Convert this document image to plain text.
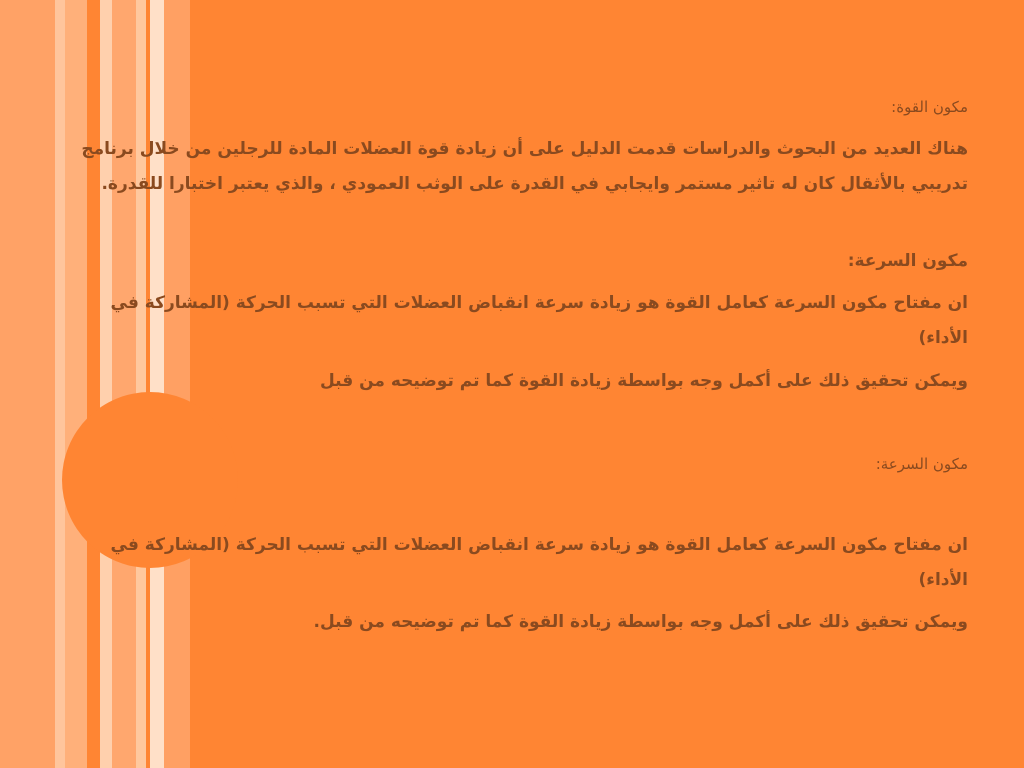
مكون القوة:
هناك العديد من البحوث والدراسات قدمت الدليل على أن زيادة قوة العضلات المادة للرجلين من خلال برنامج تدريبي بالأثقال كان له تاثير مستمر وايجابي في القدرة على الوثب العمودي ، والذي يعتبر اختبارا للقدرة.
مكون السرعة:
ان مفتاح مكون السرعة كعامل القوة هو زيادة سرعة انقباض العضلات التي تسبب الحركة (المشاركة في الأداء)
ويمكن تحقيق ذلك على أكمل وجه بواسطة زيادة القوة كما تم توضيحه من قبل
مكون السرعة:
ان مفتاح مكون السرعة كعامل القوة هو زيادة سرعة انقباض العضلات التي تسبب الحركة (المشاركة في الأداء)
ويمكن تحقيق ذلك على أكمل وجه بواسطة زيادة القوة كما تم توضيحه من قبل.
